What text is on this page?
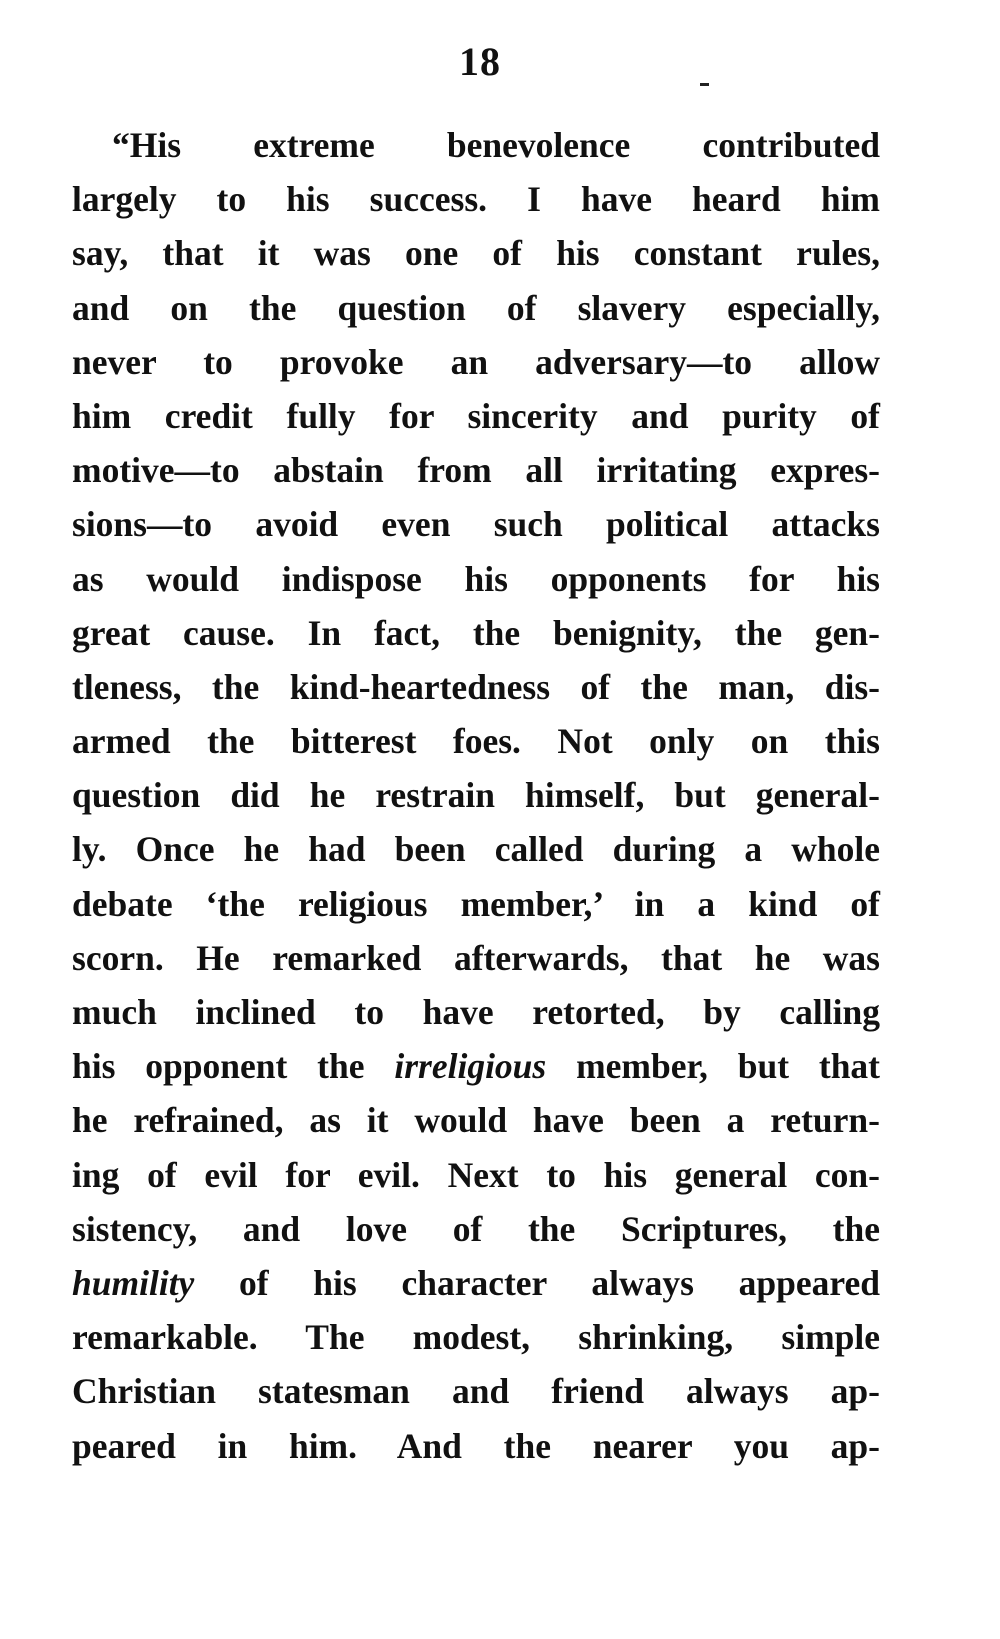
18
“His extreme benevolence contributed
largely to his success. I have heard him
say, that it was one of his constant rules,
and on the question of slavery especially,
never to provoke an adversary—to allow
him credit fully for sincerity and purity of
motive—to abstain from all irritating expres-
sions—to avoid even such political attacks
as would indispose his opponents for his
great cause. In fact, the benignity, the gen-
tleness, the kind-heartedness of the man, dis-
armed the bitterest foes. Not only on this
question did he restrain himself, but general-
ly. Once he had been called during a whole
debate ‘the religious member,’ in a kind of
scorn. He remarked afterwards, that he was
much inclined to have retorted, by calling
his opponent the irreligious member, but that
he refrained, as it would have been a return-
ing of evil for evil. Next to his general con-
sistency, and love of the Scriptures, the
humility of his character always appeared
remarkable. The modest, shrinking, simple
Christian statesman and friend always ap-
peared in him. And the nearer you ap-
